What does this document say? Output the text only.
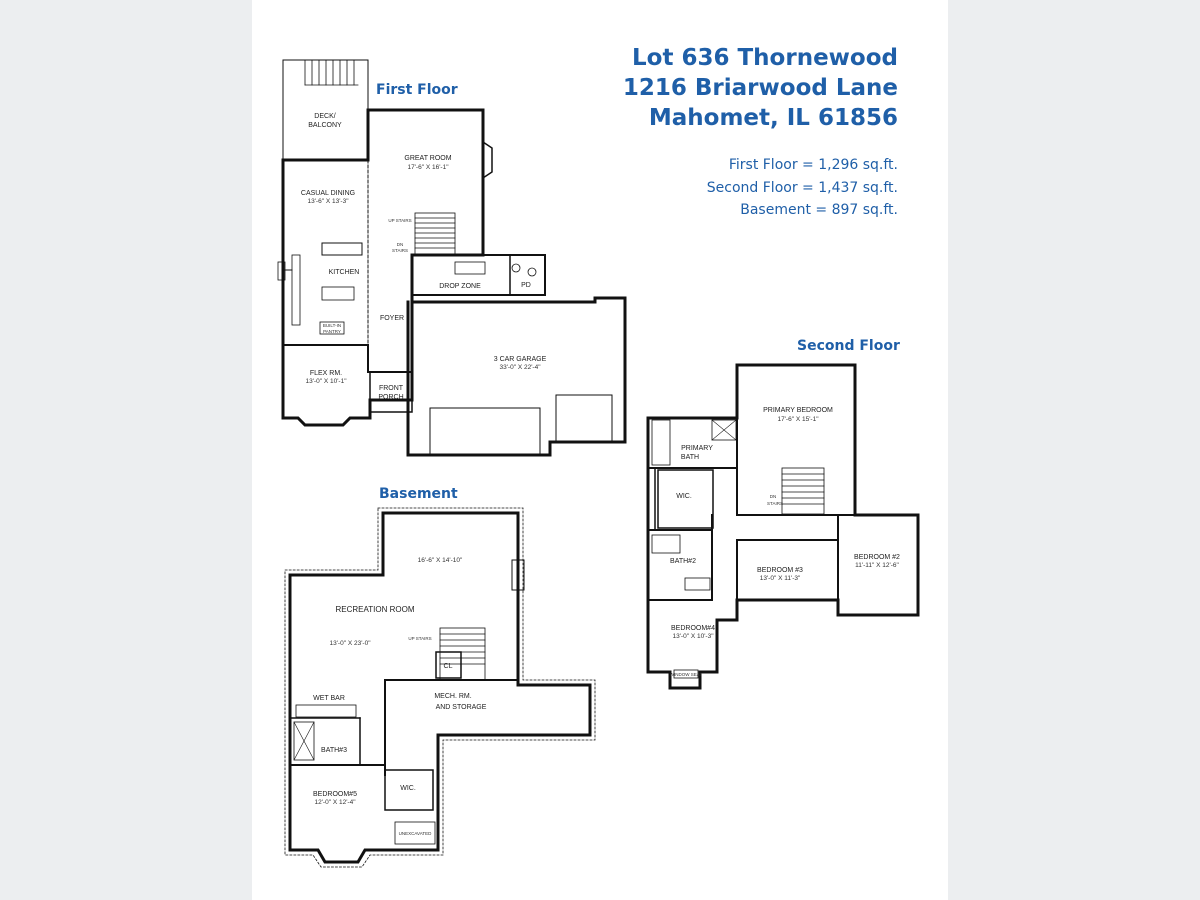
Lot 636 Thornewood
1216 Briarwood Lane
Mahomet, IL 61856
First Floor = 1,296 sq.ft.
Second Floor = 1,437 sq.ft.
Basement = 897 sq.ft.
First Floor
Second Floor
Basement
DECK/
BALCONY
GREAT ROOM
17'-6" X 16'-1"
CASUAL DINING
13'-6" X 13'-3"
UP STAIRS
DN
STAIRS
KITCHEN
DROP ZONE	PD
FOYER
BUILT-IN
PANTRY
FLEX RM.
13'-0" X 10'-1"
FRONT
PORCH
3 CAR GARAGE
33'-0" X 22'-4"
PRIMARY BEDROOM
17'-6" X 15'-1"
PRIMARY
BATH
WIC.	DN
STAIRS
BATH#2
BEDROOM #3
13'-0" X 11'-3"
BEDROOM #2
11'-11" X 12'-6"
BEDROOM#4
13'-0" X 10'-3"
WINDOW SEAT
16'-6" X 14'-10"
RECREATION ROOM
13'-0" X 23'-0"
UP STAIRS
CL
WET BAR	MECH. RM.
AND STORAGE
BATH#3
WIC.
BEDROOM#5
12'-0" X 12'-4"
UNEXCAVATED
